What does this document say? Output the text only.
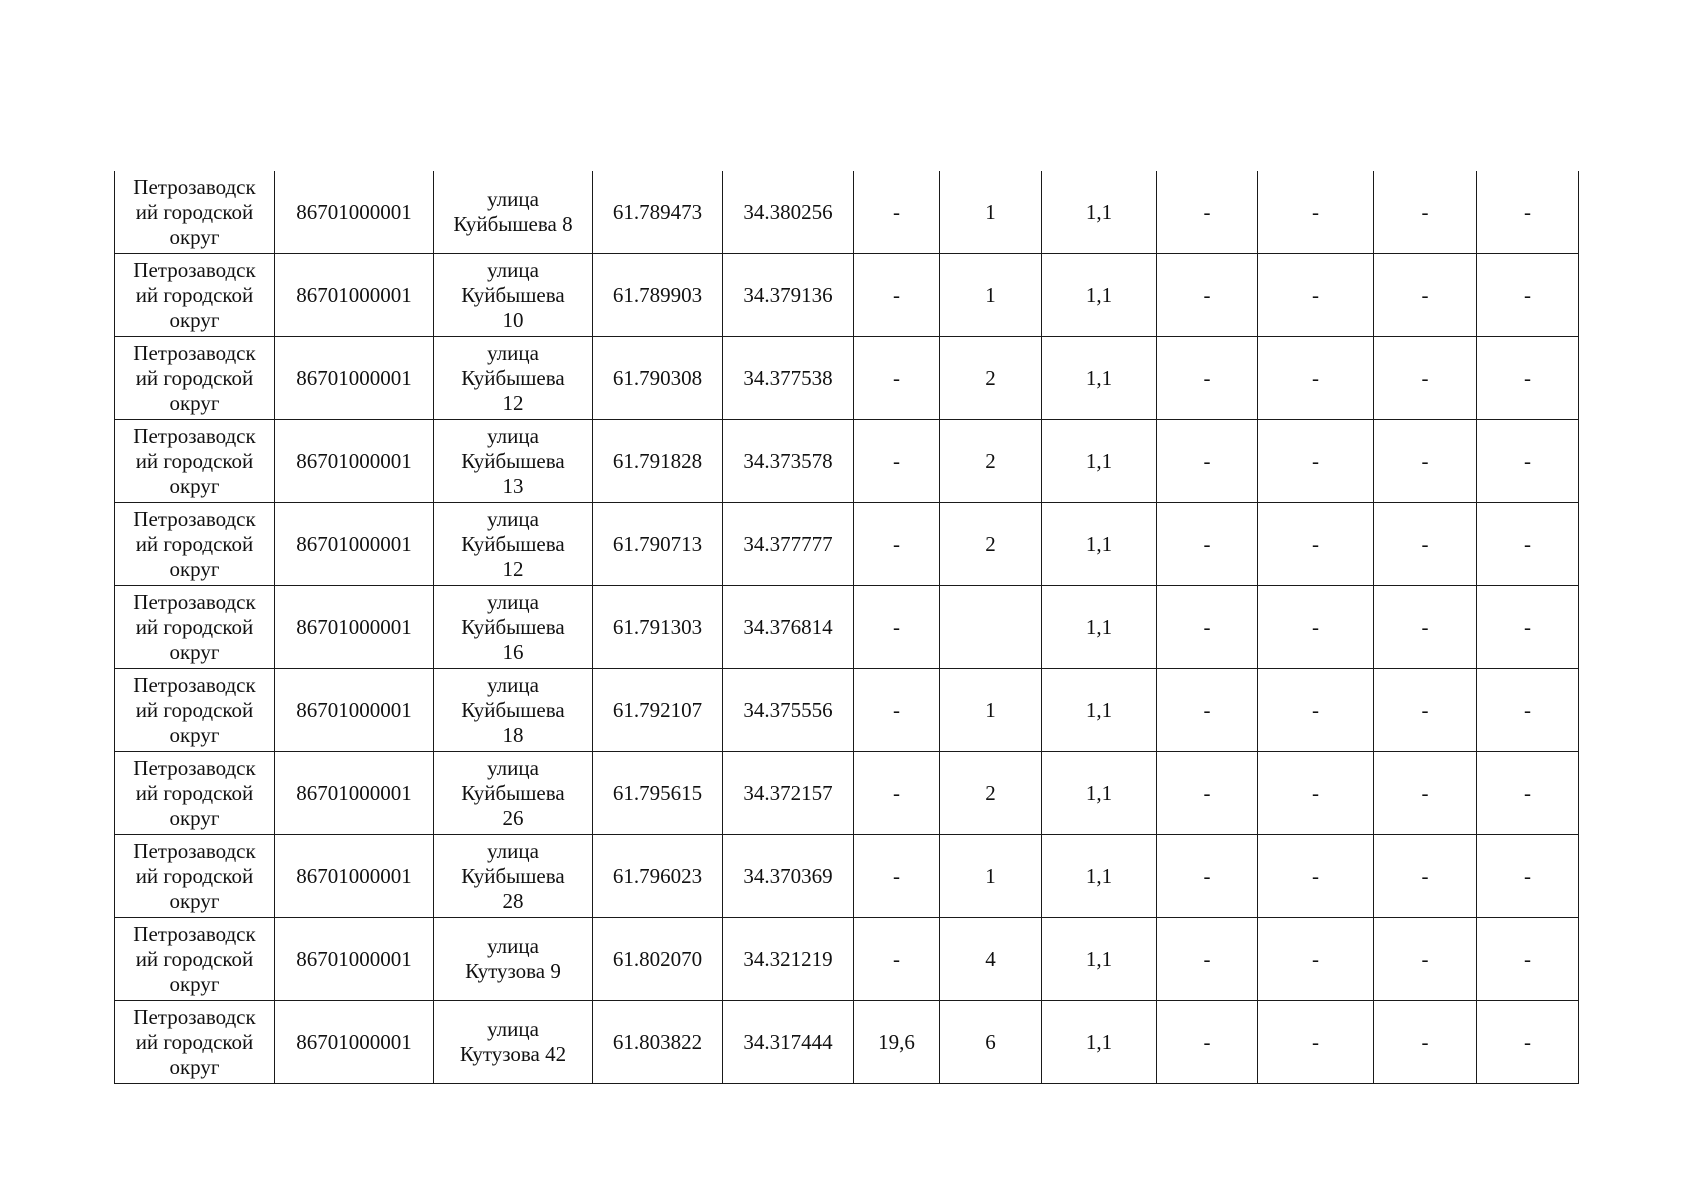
Петрозаводск
ий городской
округ	86701000001	улица
Куйбышева 8	61.789473	34.380256	-	1	1,1	-	-	-	-
Петрозаводск
ий городской
округ	86701000001	улица
Куйбышева
10	61.789903	34.379136	-	1	1,1	-	-	-	-
Петрозаводск
ий городской
округ	86701000001	улица
Куйбышева
12	61.790308	34.377538	-	2	1,1	-	-	-	-
Петрозаводск
ий городской
округ	86701000001	улица
Куйбышева
13	61.791828	34.373578	-	2	1,1	-	-	-	-
Петрозаводск
ий городской
округ	86701000001	улица
Куйбышева
12	61.790713	34.377777	-	2	1,1	-	-	-	-
Петрозаводск
ий городской
округ	86701000001	улица
Куйбышева
16	61.791303	34.376814	-		1,1	-	-	-	-
Петрозаводск
ий городской
округ	86701000001	улица
Куйбышева
18	61.792107	34.375556	-	1	1,1	-	-	-	-
Петрозаводск
ий городской
округ	86701000001	улица
Куйбышева
26	61.795615	34.372157	-	2	1,1	-	-	-	-
Петрозаводск
ий городской
округ	86701000001	улица
Куйбышева
28	61.796023	34.370369	-	1	1,1	-	-	-	-
Петрозаводск
ий городской
округ	86701000001	улица
Кутузова 9	61.802070	34.321219	-	4	1,1	-	-	-	-
Петрозаводск
ий городской
округ	86701000001	улица
Кутузова 42	61.803822	34.317444	19,6	6	1,1	-	-	-	-
